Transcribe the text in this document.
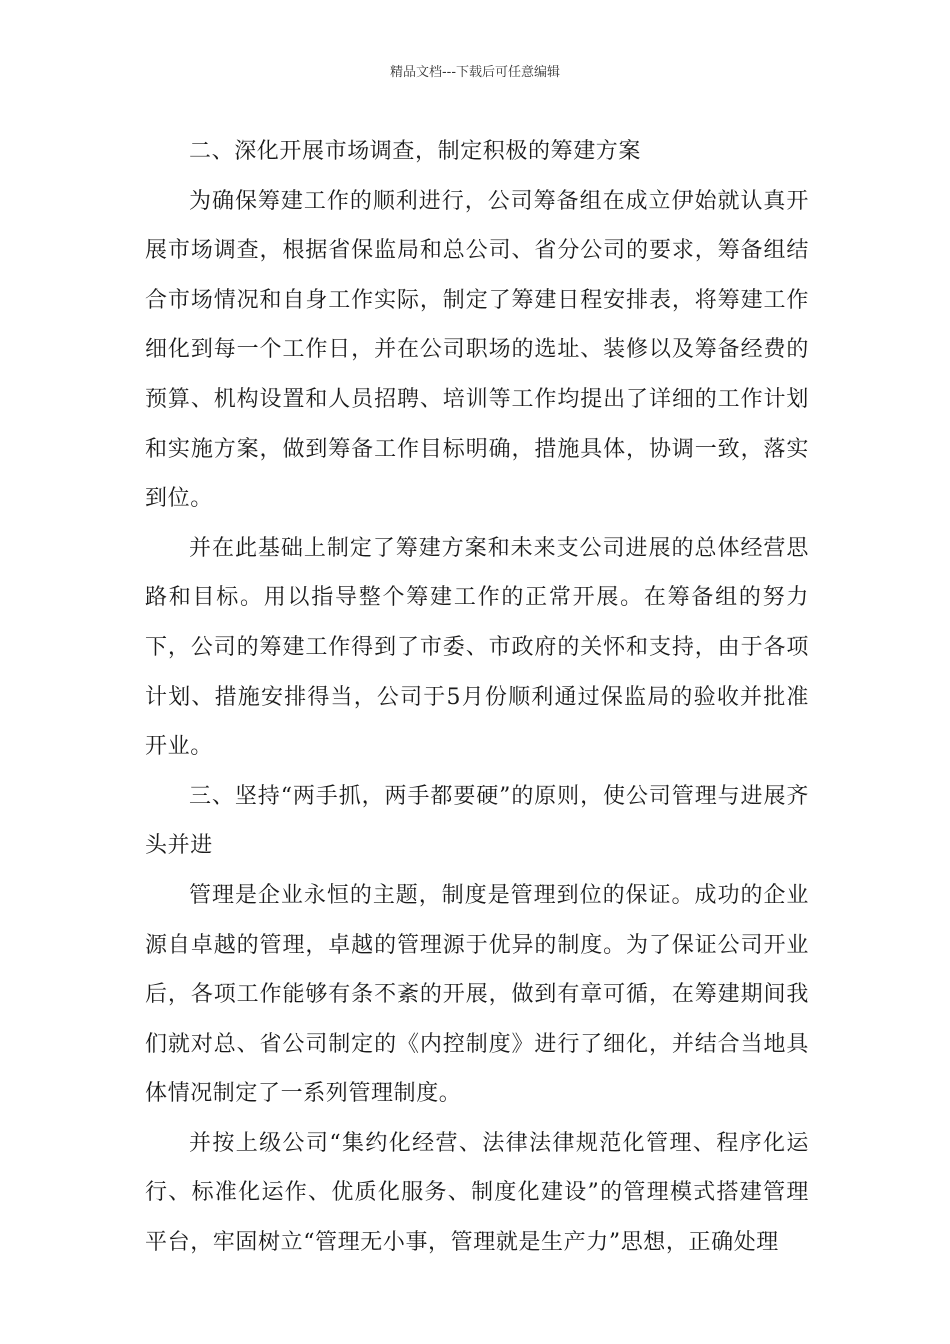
精品文档---下载后可任意编辑

二、深化开展市场调查，制定积极的筹建方案

为确保筹建工作的顺利进行，公司筹备组在成立伊始就认真开展市场调查，根据省保监局和总公司、省分公司的要求，筹备组结合市场情况和自身工作实际，制定了筹建日程安排表，将筹建工作细化到每一个工作日，并在公司职场的选址、装修以及筹备经费的预算、机构设置和人员招聘、培训等工作均提出了详细的工作计划和实施方案，做到筹备工作目标明确，措施具体，协调一致，落实到位。

并在此基础上制定了筹建方案和未来支公司进展的总体经营思路和目标。用以指导整个筹建工作的正常开展。在筹备组的努力下，公司的筹建工作得到了市委、市政府的关怀和支持，由于各项计划、措施安排得当，公司于5月份顺利通过保监局的验收并批准开业。

三、坚持“两手抓，两手都要硬”的原则，使公司管理与进展齐头并进

管理是企业永恒的主题，制度是管理到位的保证。成功的企业源自卓越的管理，卓越的管理源于优异的制度。为了保证公司开业后，各项工作能够有条不紊的开展，做到有章可循，在筹建期间我们就对总、省公司制定的《内控制度》进行了细化，并结合当地具体情况制定了一系列管理制度。

并按上级公司“集约化经营、法律法律规范化管理、程序化运行、标准化运作、优质化服务、制度化建设”的管理模式搭建管理平台，牢固树立“管理无小事，管理就是生产力”思想，正确处理
